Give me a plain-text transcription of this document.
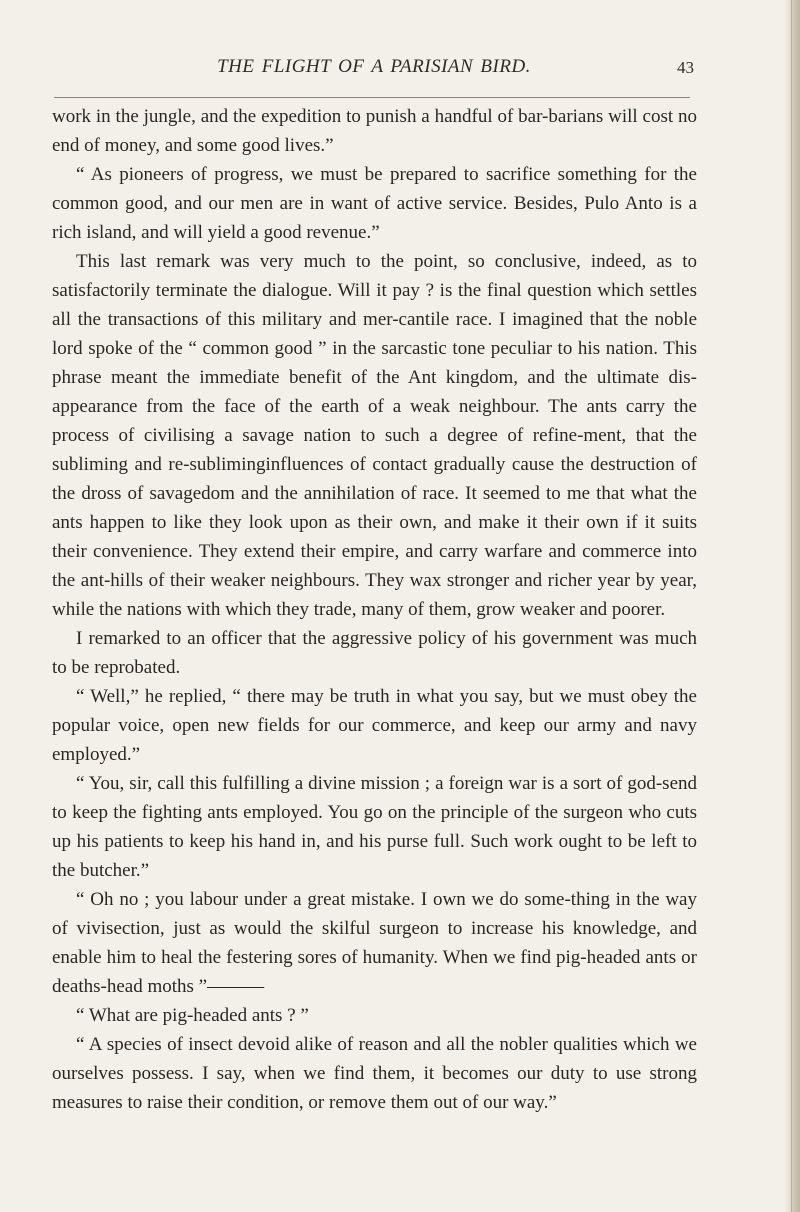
THE FLIGHT OF A PARISIAN BIRD.	43

work in the jungle, and the expedition to punish a handful of bar-barians will cost no end of money, and some good lives.”

“ As pioneers of progress, we must be prepared to sacrifice something for the common good, and our men are in want of active service. Besides, Pulo Anto is a rich island, and will yield a good revenue.”

This last remark was very much to the point, so conclusive, indeed, as to satisfactorily terminate the dialogue. Will it pay ? is the final question which settles all the transactions of this military and mer-cantile race. I imagined that the noble lord spoke of the “ common good ” in the sarcastic tone peculiar to his nation. This phrase meant the immediate benefit of the Ant kingdom, and the ultimate dis-appearance from the face of the earth of a weak neighbour. The ants carry the process of civilising a savage nation to such a degree of refine-ment, that the subliming and re-subliminginfluences of contact gradually cause the destruction of the dross of savagedom and the annihilation of race. It seemed to me that what the ants happen to like they look upon as their own, and make it their own if it suits their convenience. They extend their empire, and carry warfare and commerce into the ant-hills of their weaker neighbours. They wax stronger and richer year by year, while the nations with which they trade, many of them, grow weaker and poorer.

I remarked to an officer that the aggressive policy of his government was much to be reprobated.

“ Well,” he replied, “ there may be truth in what you say, but we must obey the popular voice, open new fields for our commerce, and keep our army and navy employed.”

“ You, sir, call this fulfilling a divine mission ; a foreign war is a sort of god-send to keep the fighting ants employed. You go on the principle of the surgeon who cuts up his patients to keep his hand in, and his purse full. Such work ought to be left to the butcher.”

“ Oh no ; you labour under a great mistake. I own we do some-thing in the way of vivisection, just as would the skilful surgeon to increase his knowledge, and enable him to heal the festering sores of humanity. When we find pig-headed ants or deaths-head moths ”———

“ What are pig-headed ants ? ”

“ A species of insect devoid alike of reason and all the nobler qualities which we ourselves possess. I say, when we find them, it becomes our duty to use strong measures to raise their condition, or remove them out of our way.”
